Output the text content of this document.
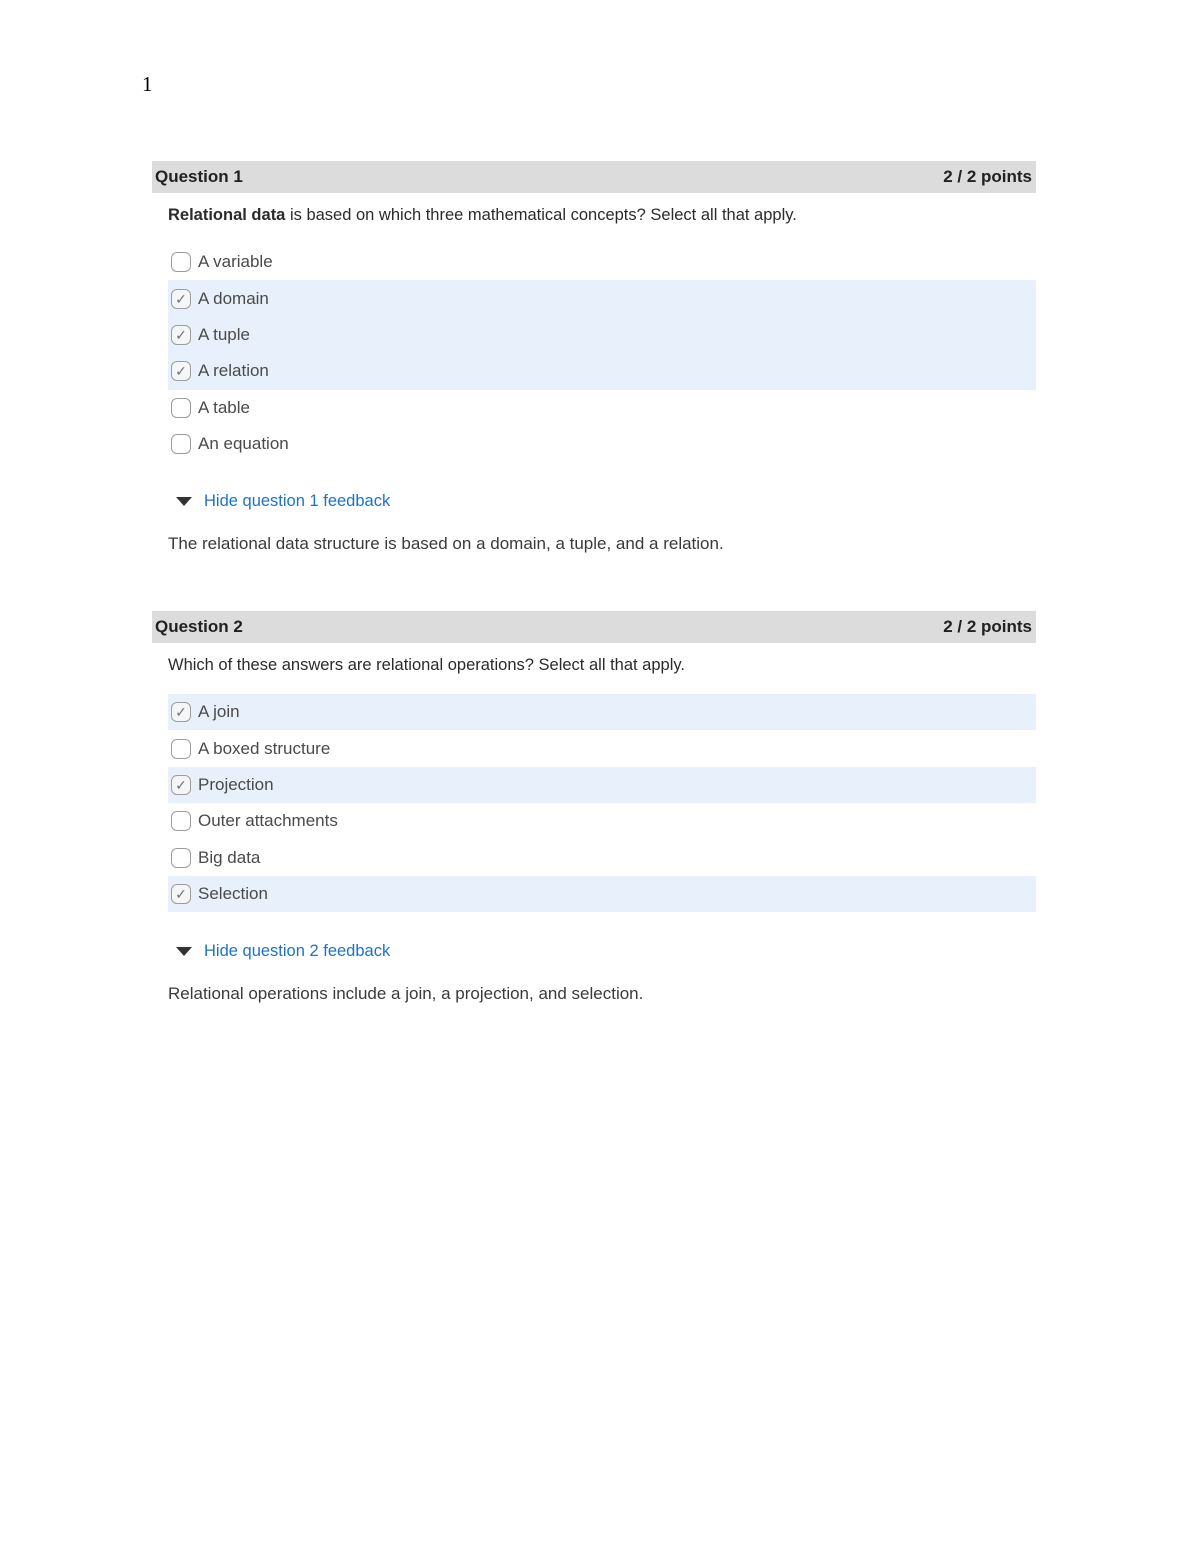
1
Question 1	2 / 2 points
Relational data is based on which three mathematical concepts? Select all that apply.
A variable
✓ A domain
✓ A tuple
✓ A relation
A table
An equation
Hide question 1 feedback
The relational data structure is based on a domain, a tuple, and a relation.
Question 2	2 / 2 points
Which of these answers are relational operations? Select all that apply.
✓ A join
A boxed structure
✓ Projection
Outer attachments
Big data
✓ Selection
Hide question 2 feedback
Relational operations include a join, a projection, and selection.
